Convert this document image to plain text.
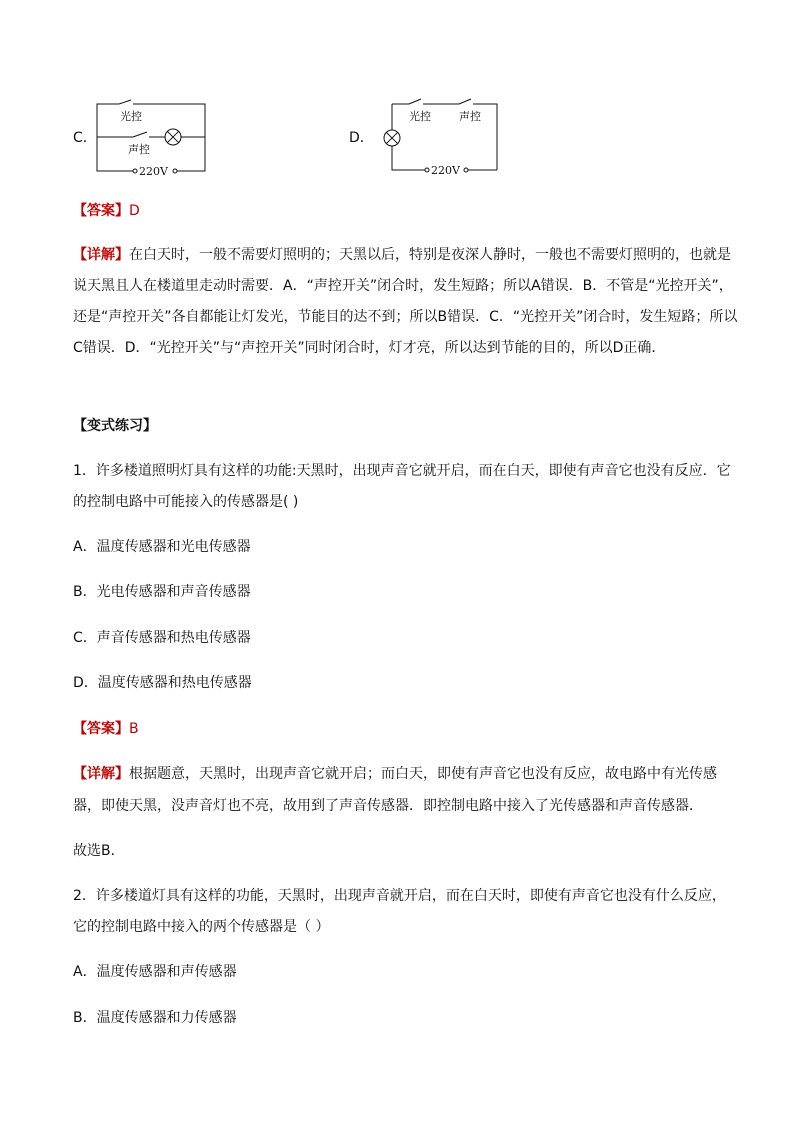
C．
光控
声控
220V
D．
光控	声控
220V
【答案】D
【详解】在白天时，一般不需要灯照明的；天黑以后，特别是夜深人静时，一般也不需要灯照明的，也就是说天黑且人在楼道里走动时需要．A．“声控开关”闭合时，发生短路；所以A错误．B．不管是“光控开关”，还是“声控开关”各自都能让灯发光，节能目的达不到；所以B错误．C．“光控开关”闭合时，发生短路；所以C错误．D．“光控开关”与“声控开关”同时闭合时，灯才亮，所以达到节能的目的，所以D正确．
【变式练习】
1．许多楼道照明灯具有这样的功能:天黑时，出现声音它就开启，而在白天，即使有声音它也没有反应．它
的控制电路中可能接入的传感器是( )
A．温度传感器和光电传感器
B．光电传感器和声音传感器
C．声音传感器和热电传感器
D．温度传感器和热电传感器
【答案】B
【详解】根据题意，天黑时，出现声音它就开启；而白天，即使有声音它也没有反应，故电路中有光传感
器，即使天黑，没声音灯也不亮，故用到了声音传感器．即控制电路中接入了光传感器和声音传感器．
故选B．
2．许多楼道灯具有这样的功能，天黑时，出现声音就开启，而在白天时，即使有声音它也没有什么反应，
它的控制电路中接入的两个传感器是（ ）
A．温度传感器和声传感器
B．温度传感器和力传感器
